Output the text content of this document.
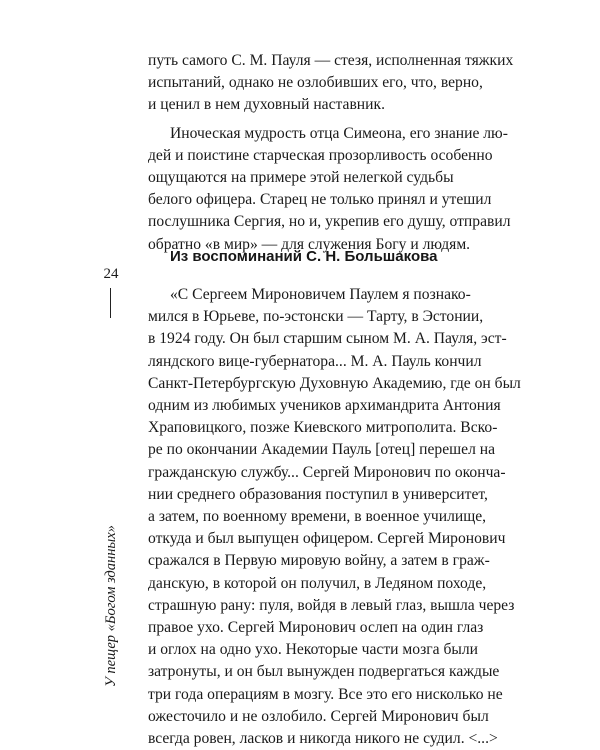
путь самого С. М. Пауля — стезя, исполненная тяжких
испытаний, однако не озлобивших его, что, верно,
и ценил в нем духовный наставник.

Иноческая мудрость отца Симеона, его знание лю-
дей и поистине старческая прозорливость особенно
ощущаются на примере этой нелегкой судьбы
белого офицера. Старец не только принял и утешил
послушника Сергия, но и, укрепив его душу, отправил
обратно «в мир» — для служения Богу и людям.

Из воспоминаний С. Н. Большакова

«С Сергеем Мироновичем Паулем я познако-
мился в Юрьеве, по-эстонски — Тарту, в Эстонии,
в 1924 году. Он был старшим сыном М. А. Пауля, эст-
ляндского вице-губернатора... М. А. Пауль кончил
Санкт-Петербургскую Духовную Академию, где он был
одним из любимых учеников архимандрита Антония
Храповицкого, позже Киевского митрополита. Вско-
ре по окончании Академии Пауль [отец] перешел на
гражданскую службу... Сергей Миронович по оконча-
нии среднего образования поступил в университет,
а затем, по военному времени, в военное училище,
откуда и был выпущен офицером. Сергей Миронович
сражался в Первую мировую войну, а затем в граж-
данскую, в которой он получил, в Ледяном походе,
страшную рану: пуля, войдя в левый глаз, вышла через
правое ухо. Сергей Миронович ослеп на один глаз
и оглох на одно ухо. Некоторые части мозга были
затронуты, и он был вынужден подвергаться каждые
три года операциям в мозгу. Все это его нисколько не
ожесточило и не озлобило. Сергей Миронович был
всегда ровен, ласков и никогда никого не судил. <...>

24
У пещер «Богом зданных»
